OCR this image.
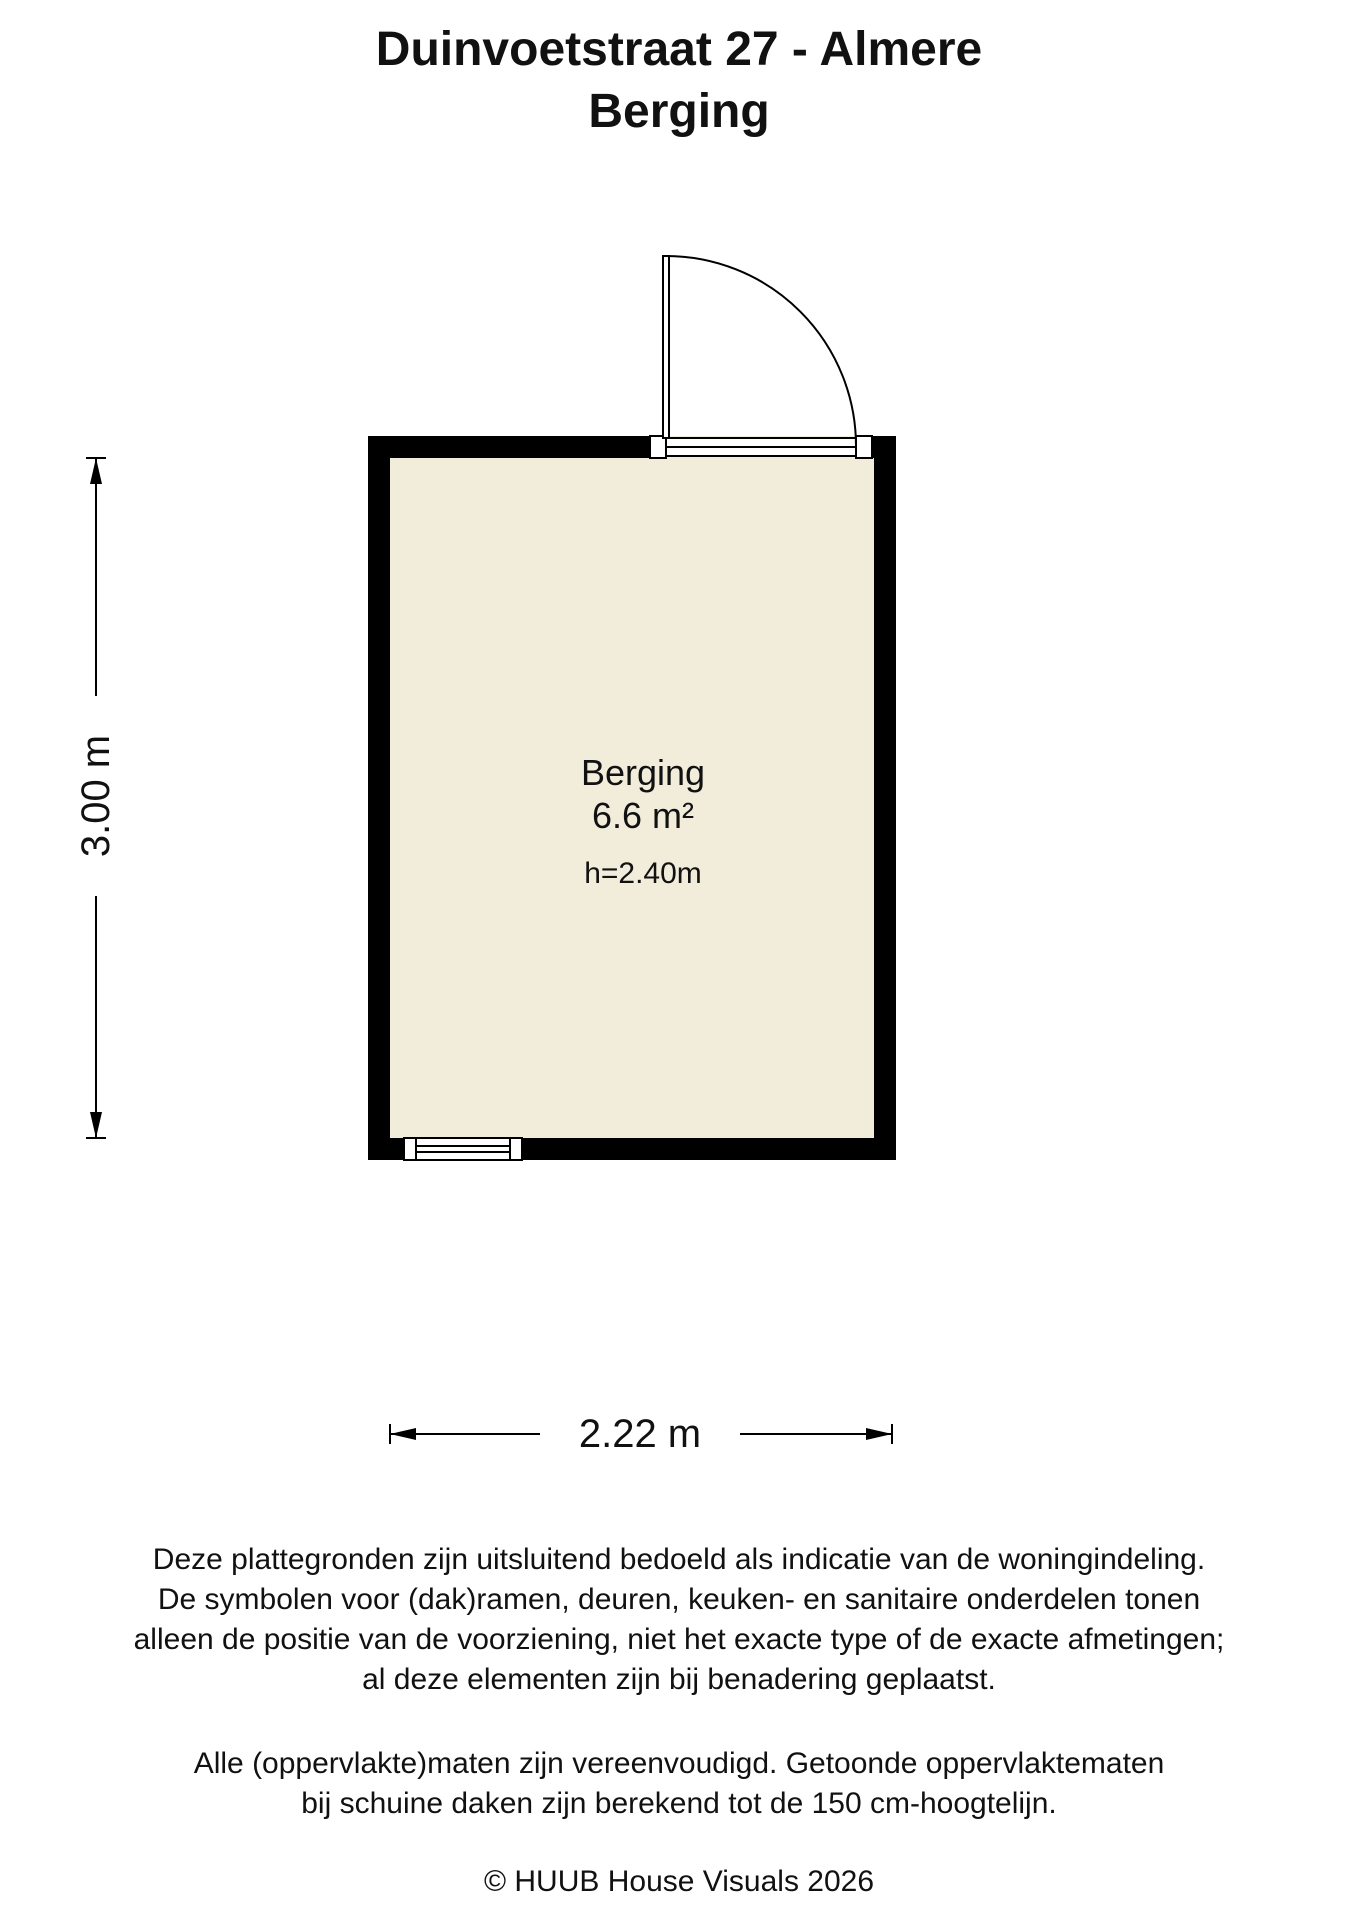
Duinvoetstraat 27 - Almere
Berging
Berging
6.6 m²
h=2.40m
2.22 m
3.00 m
Deze plattegronden zijn uitsluitend bedoeld als indicatie van de woningindeling.
De symbolen voor (dak)ramen, deuren, keuken- en sanitaire onderdelen tonen
alleen de positie van de voorziening, niet het exacte type of de exacte afmetingen;
al deze elementen zijn bij benadering geplaatst.
Alle (oppervlakte)maten zijn vereenvoudigd. Getoonde oppervlaktematen
bij schuine daken zijn berekend tot de 150 cm-hoogtelijn.
© HUUB House Visuals 2026
